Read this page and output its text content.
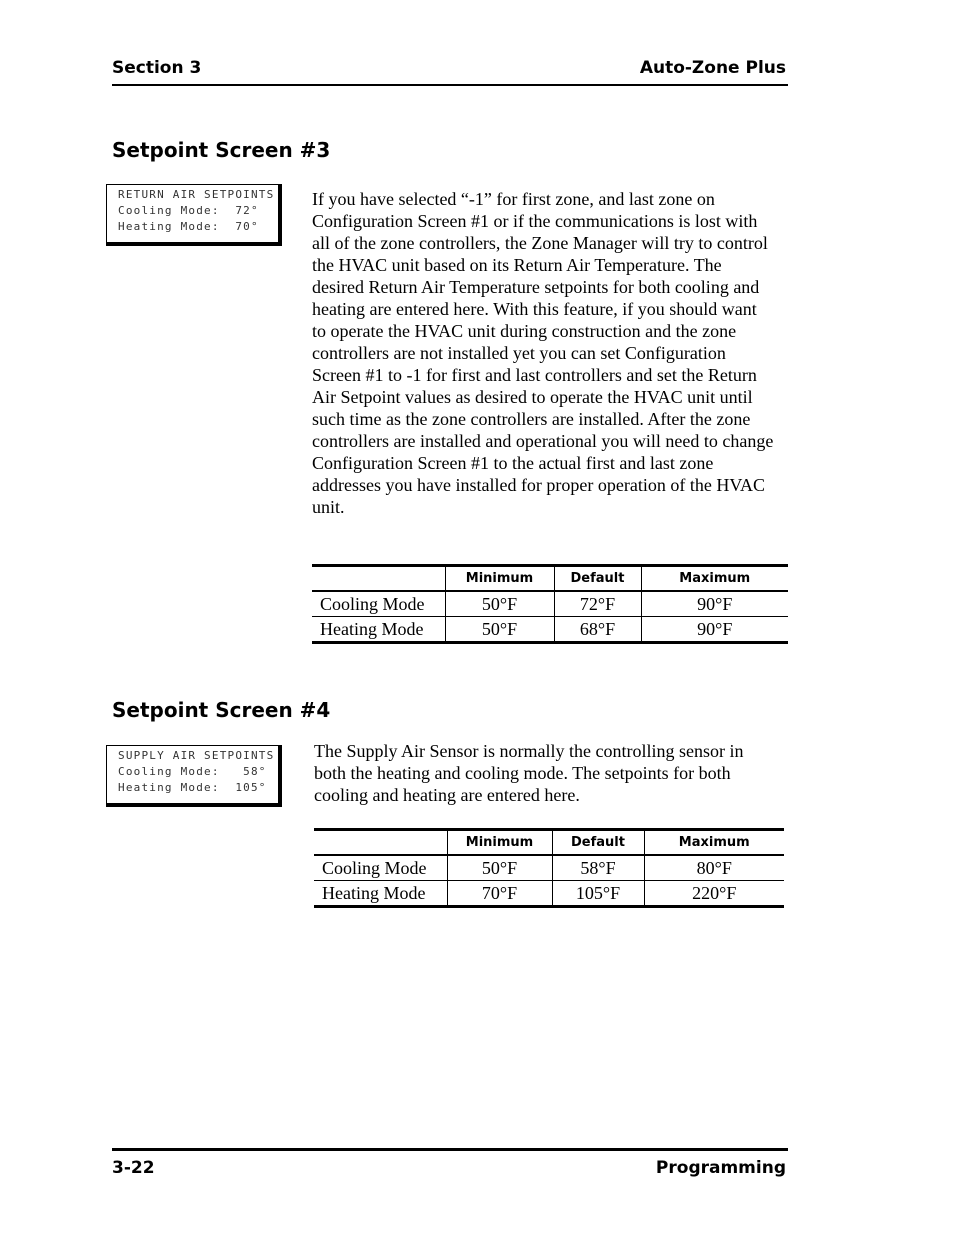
Section 3	Auto-Zone Plus
Setpoint Screen #3
RETURN AIR SETPOINTS
Cooling Mode:  72°
Heating Mode:  70°

If you have selected “-1” for first zone, and last zone on Configuration Screen #1 or if the communications is lost with all of the zone controllers, the Zone Manager will try to control the HVAC unit based on its Return Air Temperature. The desired Return Air Temperature setpoints for both cooling and heating are entered here. With this feature, if you should want to operate the HVAC unit during construction and the zone controllers are not installed yet you can set Configuration Screen #1 to -1 for first and last controllers and set the Return Air Setpoint values as desired to operate the HVAC unit until such time as the zone controllers are installed. After the zone controllers are installed and operational you will need to change Configuration Screen #1 to the actual first and last zone addresses you have installed for proper operation of the HVAC unit.

	Minimum	Default	Maximum
Cooling Mode	50°F	72°F	90°F
Heating Mode	50°F	68°F	90°F
Setpoint Screen #4
SUPPLY AIR SETPOINTS
Cooling Mode:   58°
Heating Mode:  105°

The Supply Air Sensor is normally the controlling sensor in both the heating and cooling mode. The setpoints for both cooling and heating are entered here.

	Minimum	Default	Maximum
Cooling Mode	50°F	58°F	80°F
Heating Mode	70°F	105°F	220°F
3-22	Programming
